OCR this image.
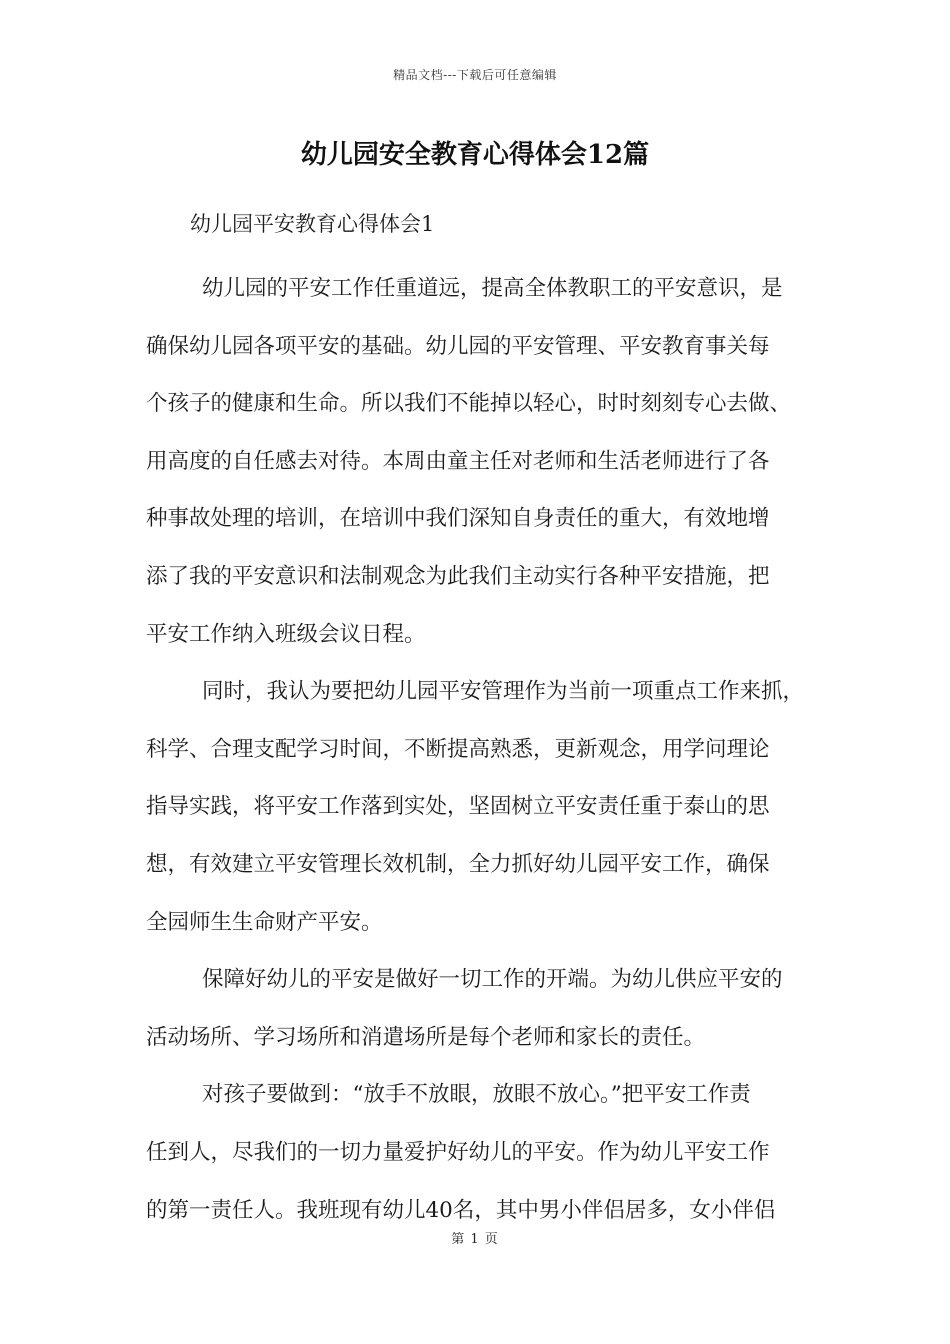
精品文档---下载后可任意编辑
幼儿园安全教育心得体会12篇
幼儿园平安教育心得体会1

幼儿园的平安工作任重道远，提高全体教职工的平安意识，是
确保幼儿园各项平安的基础。幼儿园的平安管理、平安教育事关每
个孩子的健康和生命。所以我们不能掉以轻心，时时刻刻专心去做、
用高度的自任感去对待。本周由童主任对老师和生活老师进行了各
种事故处理的培训，在培训中我们深知自身责任的重大，有效地增
添了我的平安意识和法制观念为此我们主动实行各种平安措施，把
平安工作纳入班级会议日程。

同时，我认为要把幼儿园平安管理作为当前一项重点工作来抓，
科学、合理支配学习时间，不断提高熟悉，更新观念，用学问理论
指导实践，将平安工作落到实处，坚固树立平安责任重于泰山的思
想，有效建立平安管理长效机制，全力抓好幼儿园平安工作，确保
全园师生生命财产平安。

保障好幼儿的平安是做好一切工作的开端。为幼儿供应平安的
活动场所、学习场所和消遣场所是每个老师和家长的责任。

对孩子要做到：“放手不放眼，放眼不放心。”把平安工作责
任到人，尽我们的一切力量爱护好幼儿的平安。作为幼儿平安工作
的第一责任人。我班现有幼儿40名，其中男小伴侣居多，女小伴侣

第 1 页
